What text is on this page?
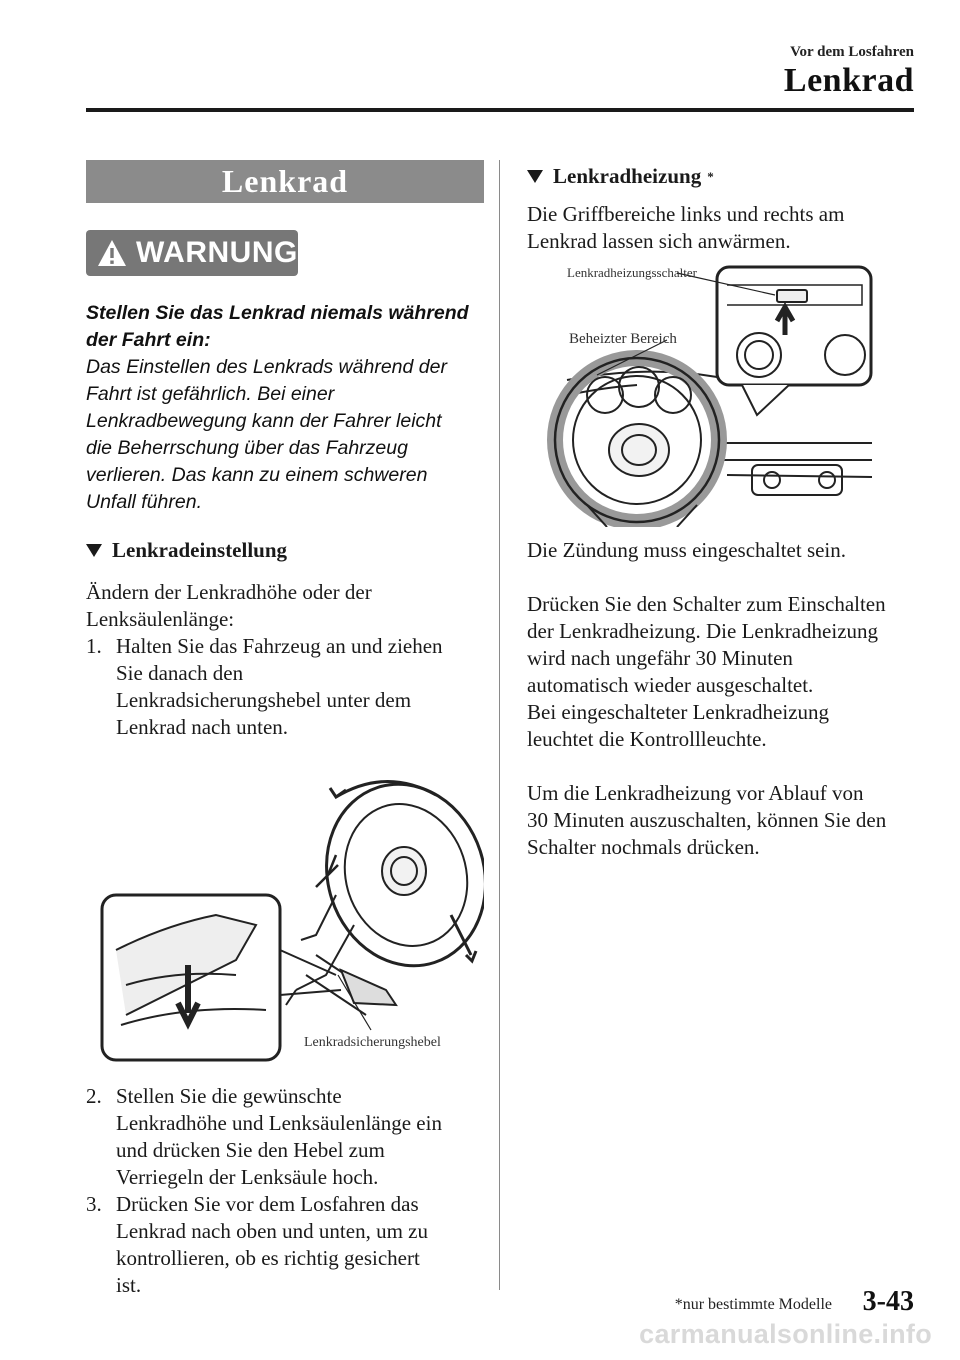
Vor dem Losfahren
Lenkrad
Lenkrad
WARNUNG
Stellen Sie das Lenkrad niemals während
der Fahrt ein:
Das Einstellen des Lenkrads während der
Fahrt ist gefährlich. Bei einer
Lenkradbewegung kann der Fahrer leicht
die Beherrschung über das Fahrzeug
verlieren. Das kann zu einem schweren
Unfall führen.
Lenkradeinstellung

Ändern der Lenkradhöhe oder der

Lenksäulenlänge:

1. Halten Sie das Fahrzeug an und ziehen
Sie danach den
Lenkradsicherungshebel unter dem
Lenkrad nach unten.
Lenkradsicherungshebel
2. Stellen Sie die gewünschte
Lenkradhöhe und Lenksäulenlänge ein
und drücken Sie den Hebel zum
Verriegeln der Lenksäule hoch.
3. Drücken Sie vor dem Losfahren das
Lenkrad nach oben und unten, um zu
kontrollieren, ob es richtig gesichert
ist.
Lenkradheizung *

Die Griffbereiche links und rechts am

Lenkrad lassen sich anwärmen.

Lenkradheizungsschalter
Beheizter Bereich

Die Zündung muss eingeschaltet sein.

Drücken Sie den Schalter zum Einschalten

der Lenkradheizung. Die Lenkradheizung

wird nach ungefähr 30 Minuten

automatisch wieder ausgeschaltet.

Bei eingeschalteter Lenkradheizung

leuchtet die Kontrollleuchte.

Um die Lenkradheizung vor Ablauf von

30 Minuten auszuschalten, können Sie den

Schalter nochmals drücken.

*nur bestimmte Modelle 3-43
carmanualsonline.info
